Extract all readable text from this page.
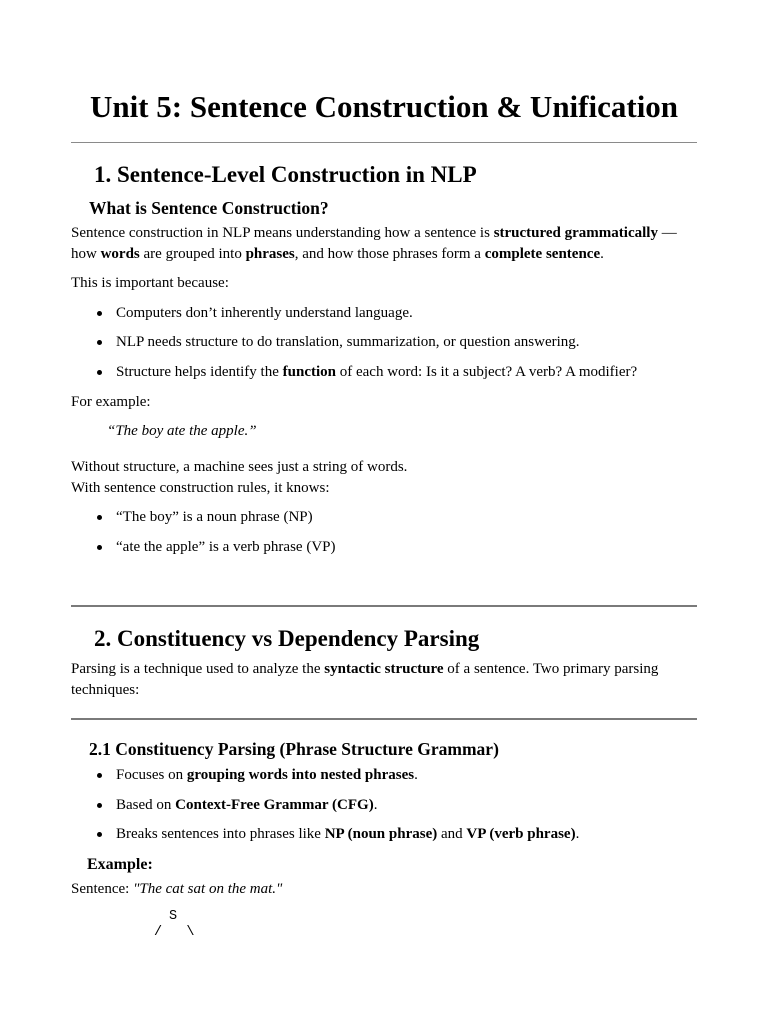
Unit 5: Sentence Construction & Unification
1. Sentence-Level Construction in NLP
What is Sentence Construction?

Sentence construction in NLP means understanding how a sentence is structured grammatically — how words are grouped into phrases, and how those phrases form a complete sentence.

This is important because:

Computers don’t inherently understand language.
NLP needs structure to do translation, summarization, or question answering.
Structure helps identify the function of each word: Is it a subject? A verb? A modifier?

For example:

“The boy ate the apple.”

Without structure, a machine sees just a string of words.

With sentence construction rules, it knows:

“The boy” is a noun phrase (NP)
“ate the apple” is a verb phrase (VP)
2. Constituency vs Dependency Parsing

Parsing is a technique used to analyze the syntactic structure of a sentence. Two primary parsing techniques:

2.1 Constituency Parsing (Phrase Structure Grammar)
Focuses on grouping words into nested phrases.
Based on Context-Free Grammar (CFG).
Breaks sentences into phrases like NP (noun phrase) and VP (verb phrase).

Example:

Sentence: "The cat sat on the mat."

S
/   \
